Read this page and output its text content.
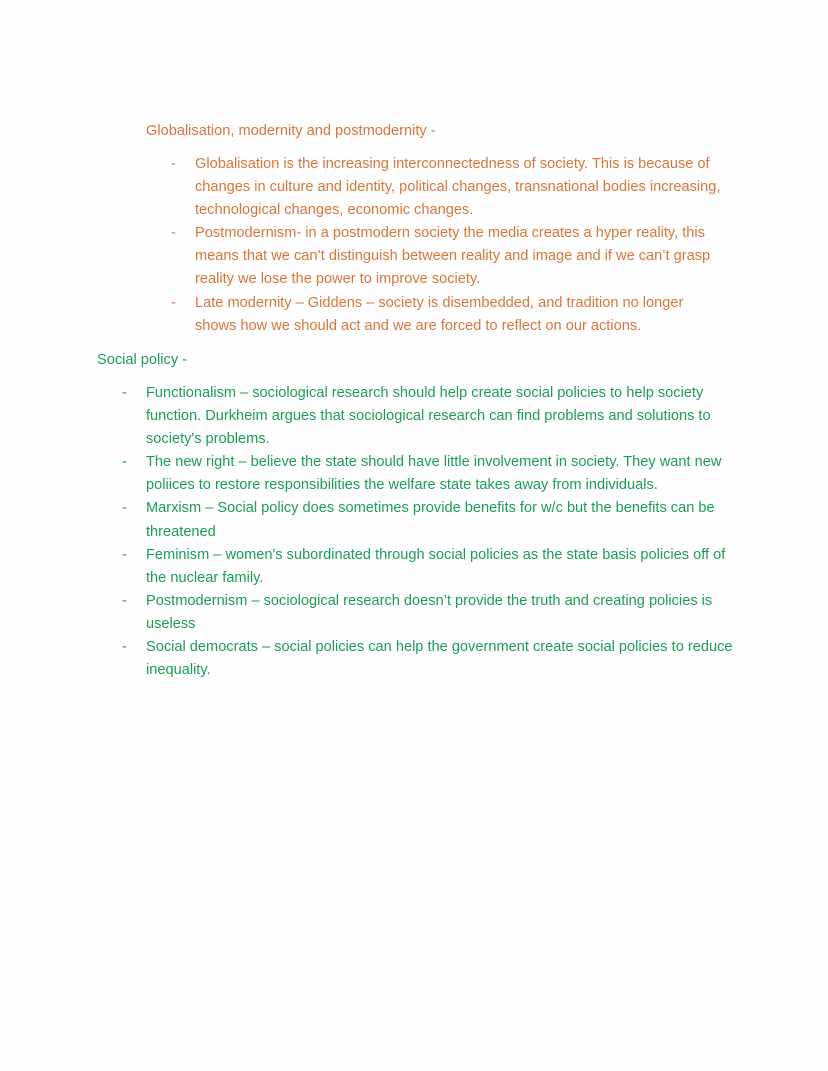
Globalisation, modernity and postmodernity -

- Globalisation is the increasing interconnectedness of society. This is because of changes in culture and identity, political changes, transnational bodies increasing, technological changes, economic changes.
- Postmodernism- in a postmodern society the media creates a hyper reality, this means that we can’t distinguish between reality and image and if we can’t grasp reality we lose the power to improve society.
- Late modernity – Giddens – society is disembedded, and tradition no longer shows how we should act and we are forced to reflect on our actions.

Social policy -

- Functionalism – sociological research should help create social policies to help society function. Durkheim argues that sociological research can find problems and solutions to society's problems.
- The new right – believe the state should have little involvement in society. They want new poliices to restore responsibilities the welfare state takes away from individuals.
- Marxism – Social policy does sometimes provide benefits for w/c but the benefits can be threatened
- Feminism – women's subordinated through social policies as the state basis policies off of the nuclear family.
- Postmodernism – sociological research doesn’t provide the truth and creating policies is useless
- Social democrats – social policies can help the government create social policies to reduce inequality.
